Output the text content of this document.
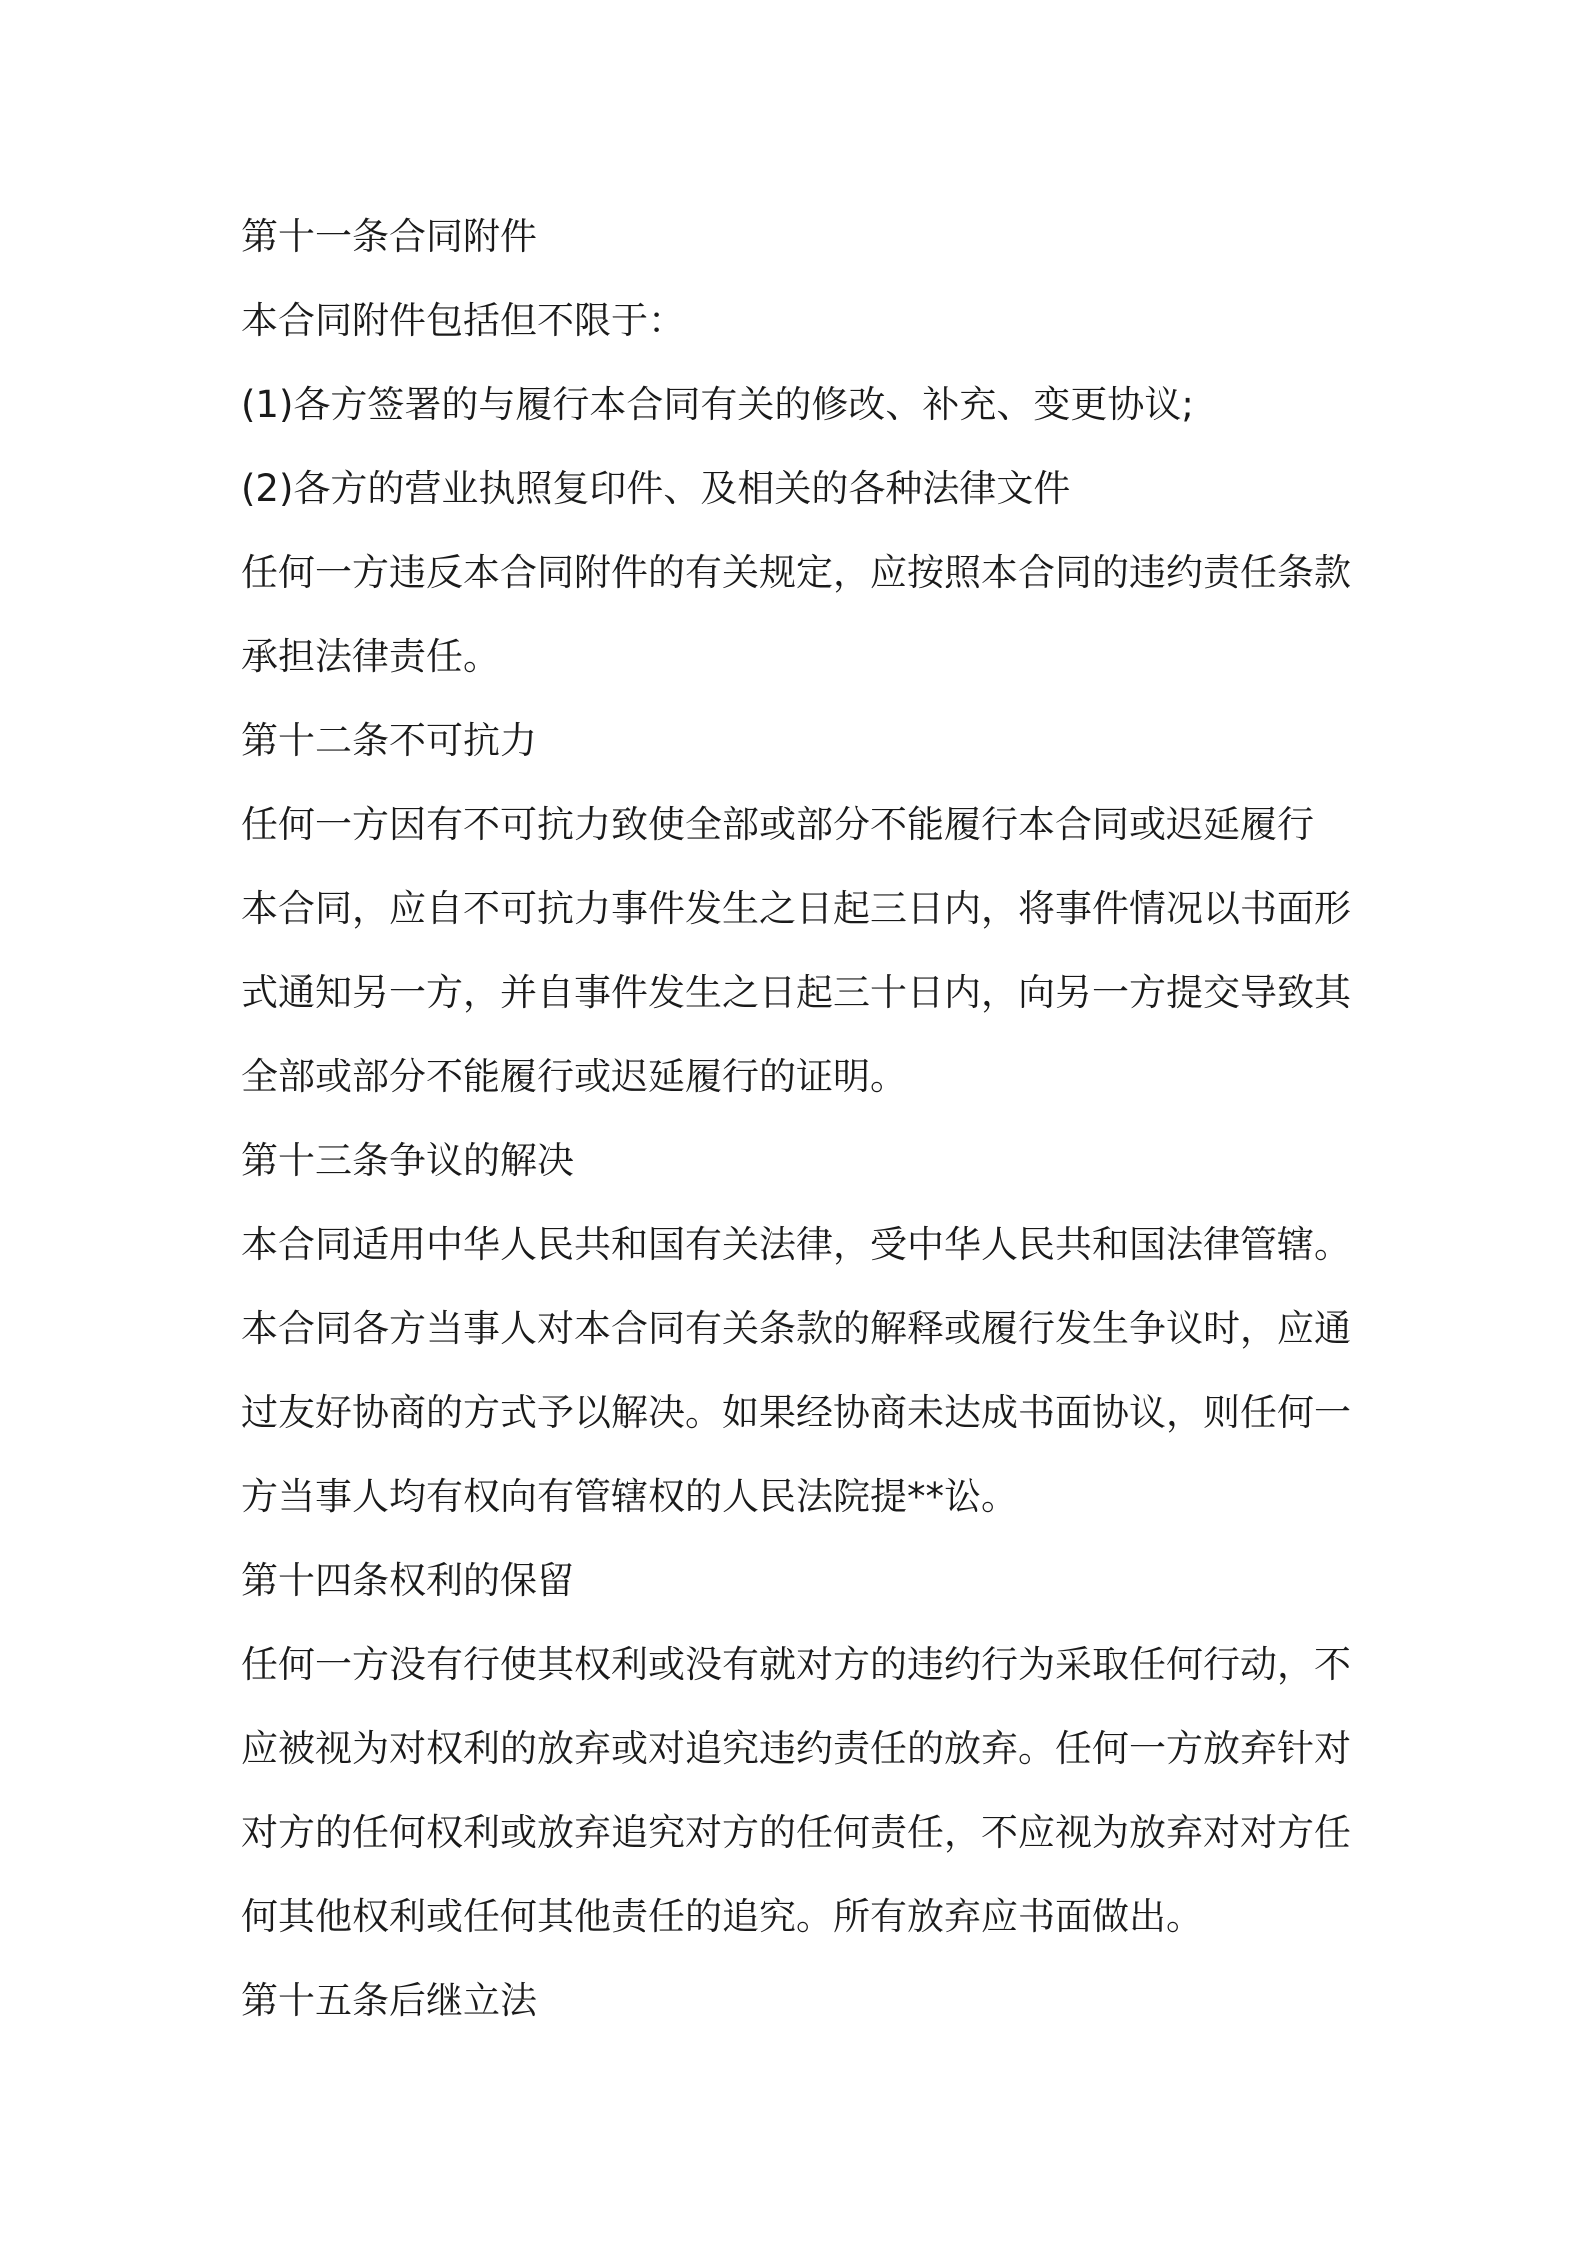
第十一条合同附件
本合同附件包括但不限于：
(1)各方签署的与履行本合同有关的修改、补充、变更协议;
(2)各方的营业执照复印件、及相关的各种法律文件
任何一方违反本合同附件的有关规定，应按照本合同的违约责任条款
承担法律责任。
第十二条不可抗力
任何一方因有不可抗力致使全部或部分不能履行本合同或迟延履行
本合同，应自不可抗力事件发生之日起三日内，将事件情况以书面形
式通知另一方，并自事件发生之日起三十日内，向另一方提交导致其
全部或部分不能履行或迟延履行的证明。
第十三条争议的解决
本合同适用中华人民共和国有关法律，受中华人民共和国法律管辖。
本合同各方当事人对本合同有关条款的解释或履行发生争议时，应通
过友好协商的方式予以解决。如果经协商未达成书面协议，则任何一
方当事人均有权向有管辖权的人民法院提**讼。
第十四条权利的保留
任何一方没有行使其权利或没有就对方的违约行为采取任何行动，不
应被视为对权利的放弃或对追究违约责任的放弃。任何一方放弃针对
对方的任何权利或放弃追究对方的任何责任，不应视为放弃对对方任
何其他权利或任何其他责任的追究。所有放弃应书面做出。
第十五条后继立法
